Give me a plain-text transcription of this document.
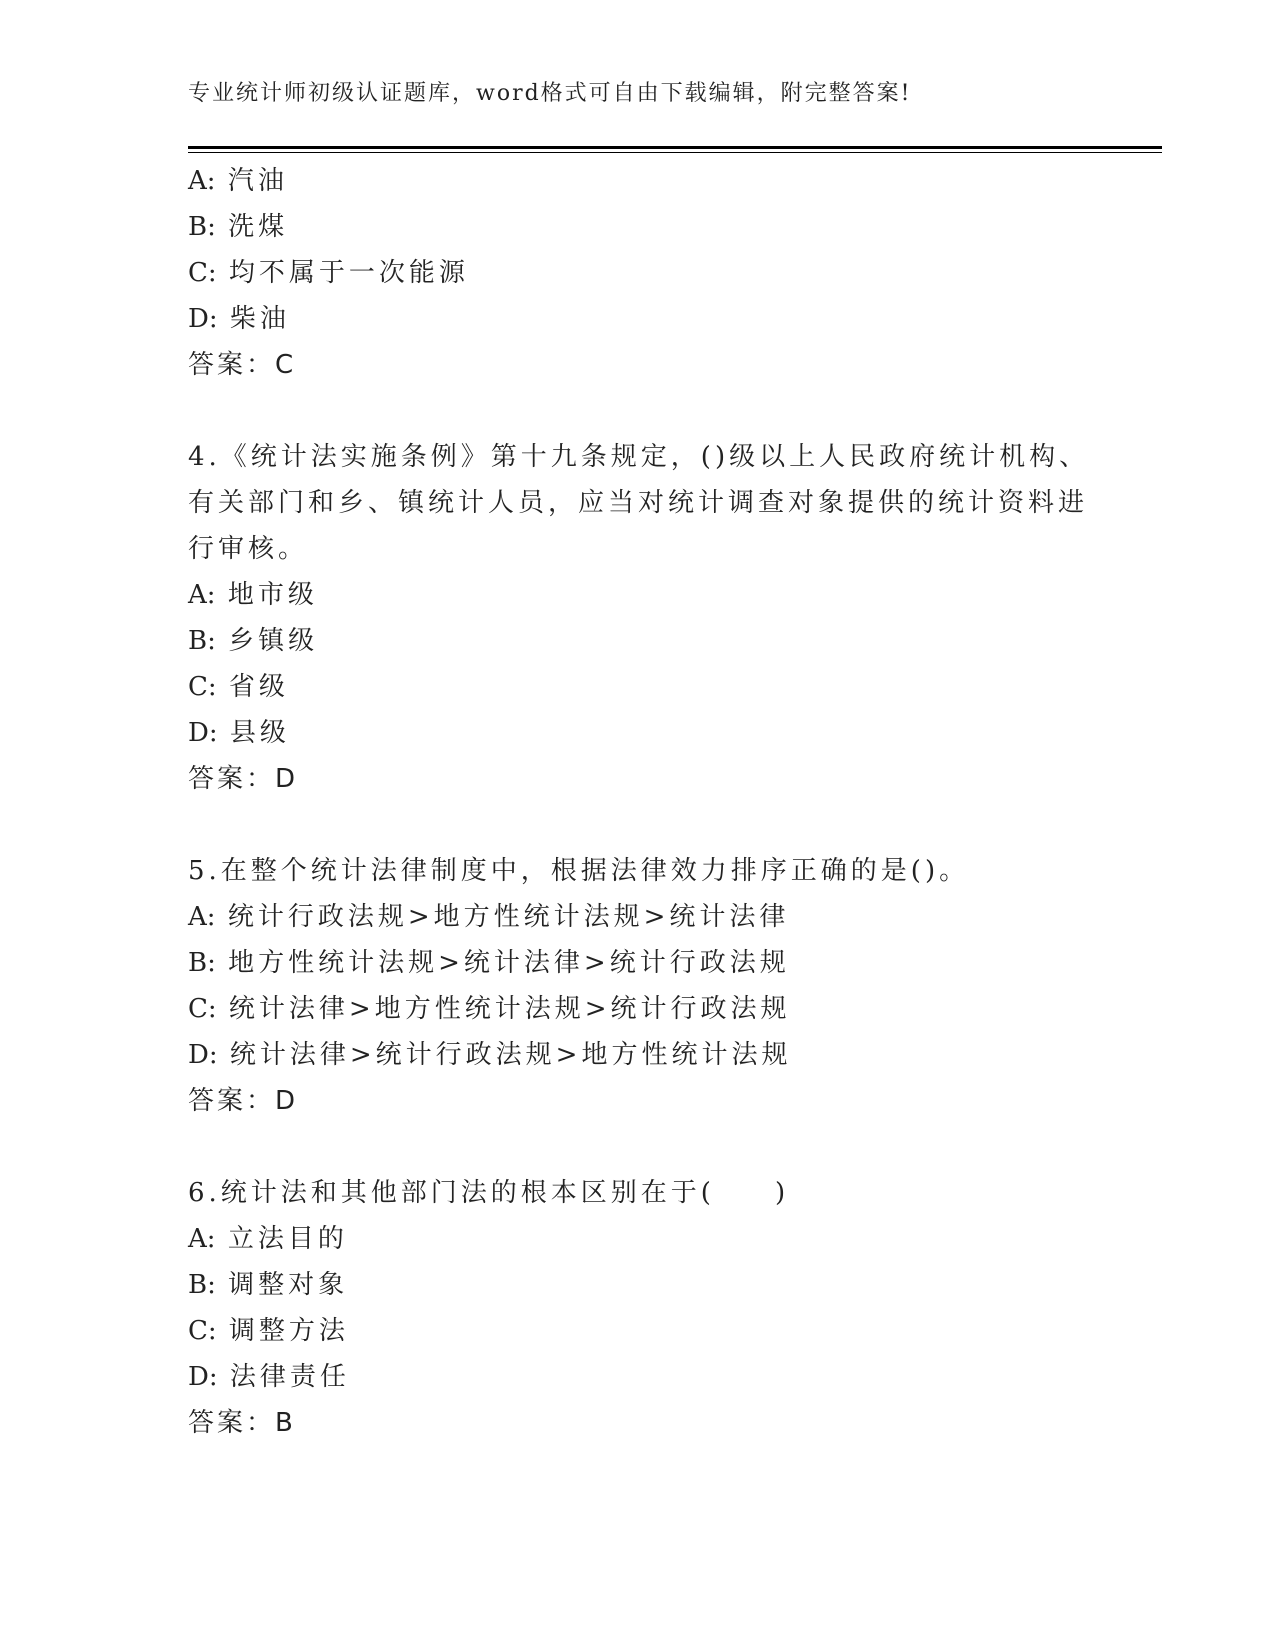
专业统计师初级认证题库，word格式可自由下载编辑，附完整答案!
A: 汽油
B: 洗煤
C: 均不属于一次能源
D: 柴油
答案：C
4.《统计法实施条例》第十九条规定，()级以上人民政府统计机构、
有关部门和乡、镇统计人员，应当对统计调查对象提供的统计资料进
行审核。
A: 地市级
B: 乡镇级
C: 省级
D: 县级
答案：D
5.在整个统计法律制度中，根据法律效力排序正确的是()。
A: 统计行政法规>地方性统计法规>统计法律
B: 地方性统计法规>统计法律>统计行政法规
C: 统计法律>地方性统计法规>统计行政法规
D: 统计法律>统计行政法规>地方性统计法规
答案：D
6.统计法和其他部门法的根本区别在于(　　)
A: 立法目的
B: 调整对象
C: 调整方法
D: 法律责任
答案：B
